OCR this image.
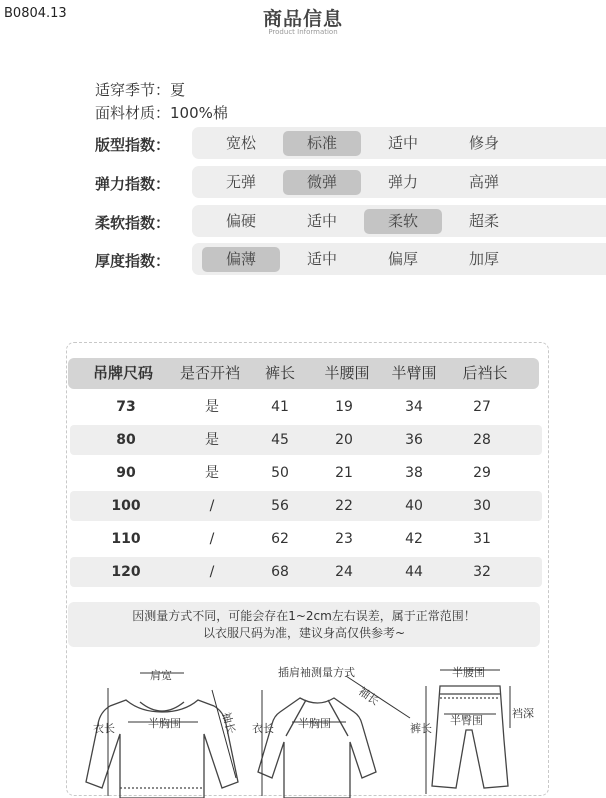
B0804.13	商品信息
Product Information
适穿季节：夏
面料材质：100%棉
版型指数：	宽松	标准	适中	修身
弹力指数：	无弹	微弹	弹力	高弹
柔软指数：	偏硬	适中	柔软	超柔
厚度指数：	偏薄	适中	偏厚	加厚
吊牌尺码	是否开裆	裤长	半腰围	半臂围	后裆长
73	是	41	19	34	27
80	是	45	20	36	28
90	是	50	21	38	29
100	/	56	22	40	30
110	/	62	23	42	31
120	/	68	24	44	32
因测量方式不同，可能会存在1~2cm左右误差，属于正常范围！
以衣服尺码为准，建议身高仅供参考~
肩宽
半胸围
衣长	袖长
插肩袖测量方式
半胸围
衣长
袖长
半腰围
裆深
半臀围
裤长
